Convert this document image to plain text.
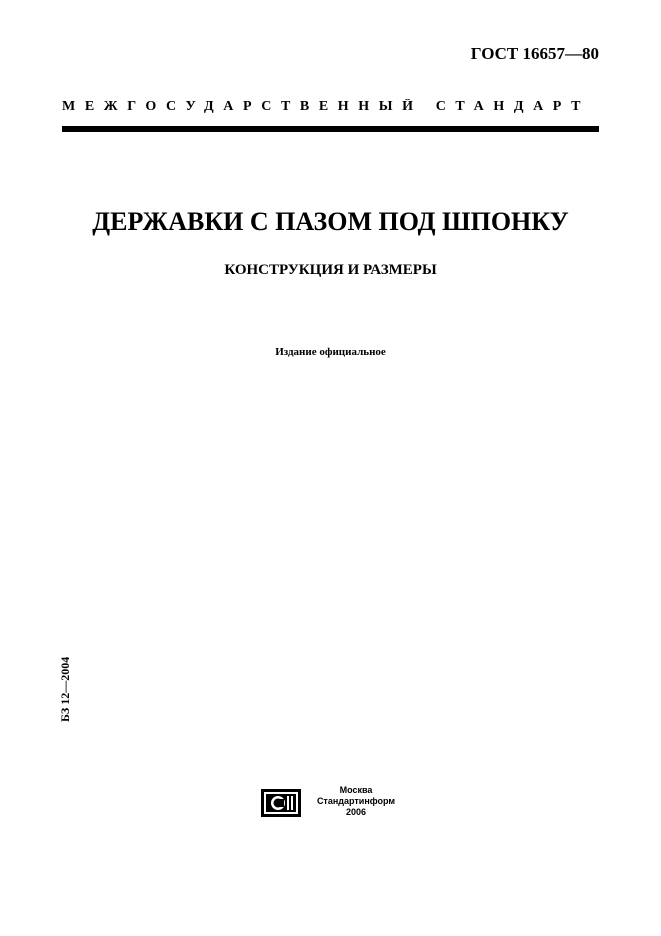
ГОСТ 16657—80
МЕЖГОСУДАРСТВЕННЫЙ СТАНДАРТ
ДЕРЖАВКИ С ПАЗОМ ПОД ШПОНКУ
КОНСТРУКЦИЯ И РАЗМЕРЫ
Издание официальное
БЗ 12—2004
Москва
Стандартинформ
2006
